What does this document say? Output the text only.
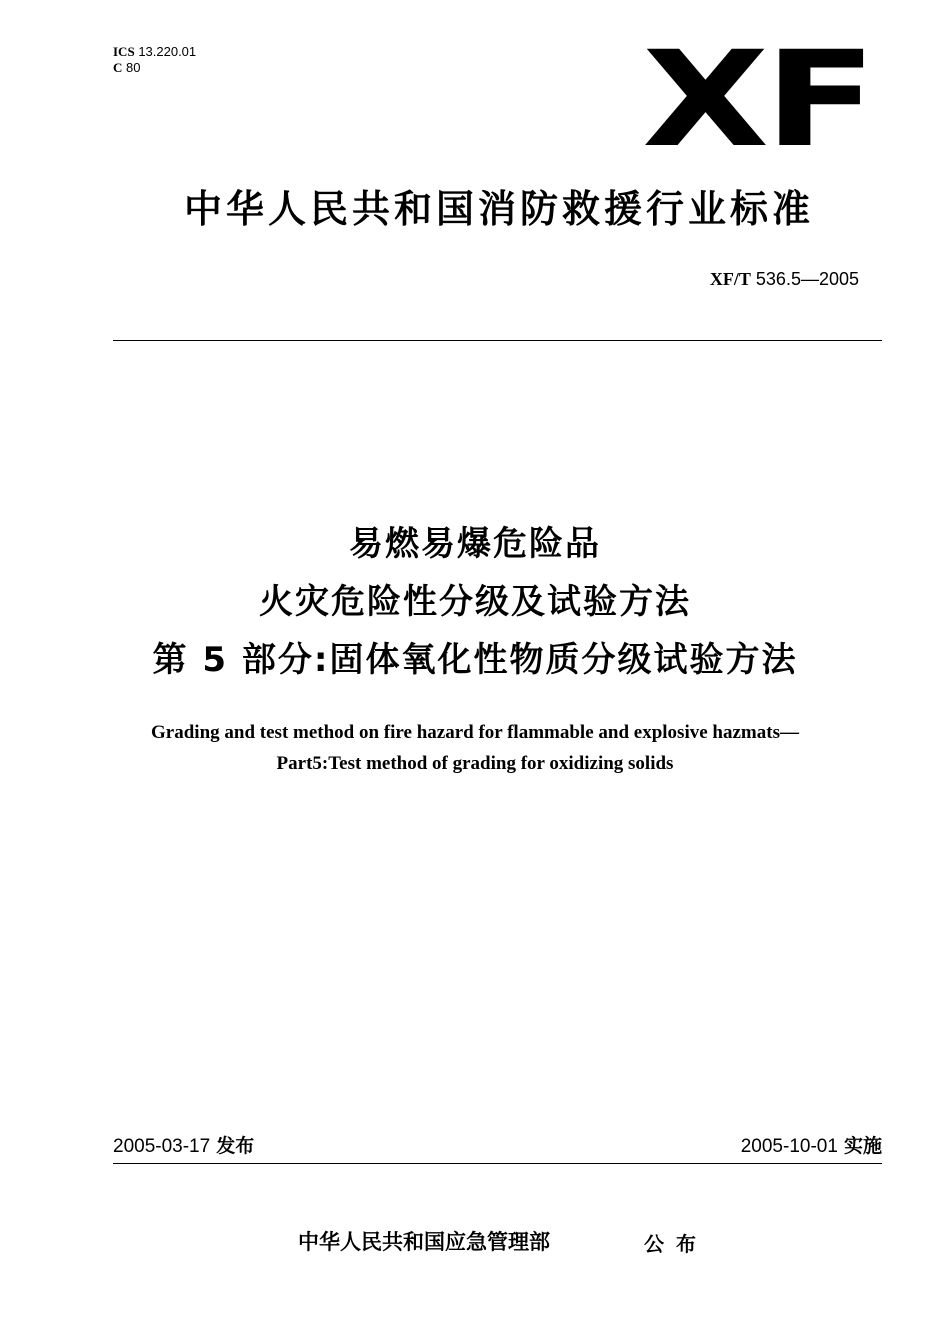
ICS 13.220.01
C 80	XF
中华人民共和国消防救援行业标准
XF/T 536.5—2005
易燃易爆危险品
火灾危险性分级及试验方法
第 5 部分:固体氧化性物质分级试验方法
Grading and test method on fire hazard for flammable and explosive hazmats—
Part5:Test method of grading for oxidizing solids
2005-03-17 发布	2005-10-01 实施
中华人民共和国应急管理部	公布
